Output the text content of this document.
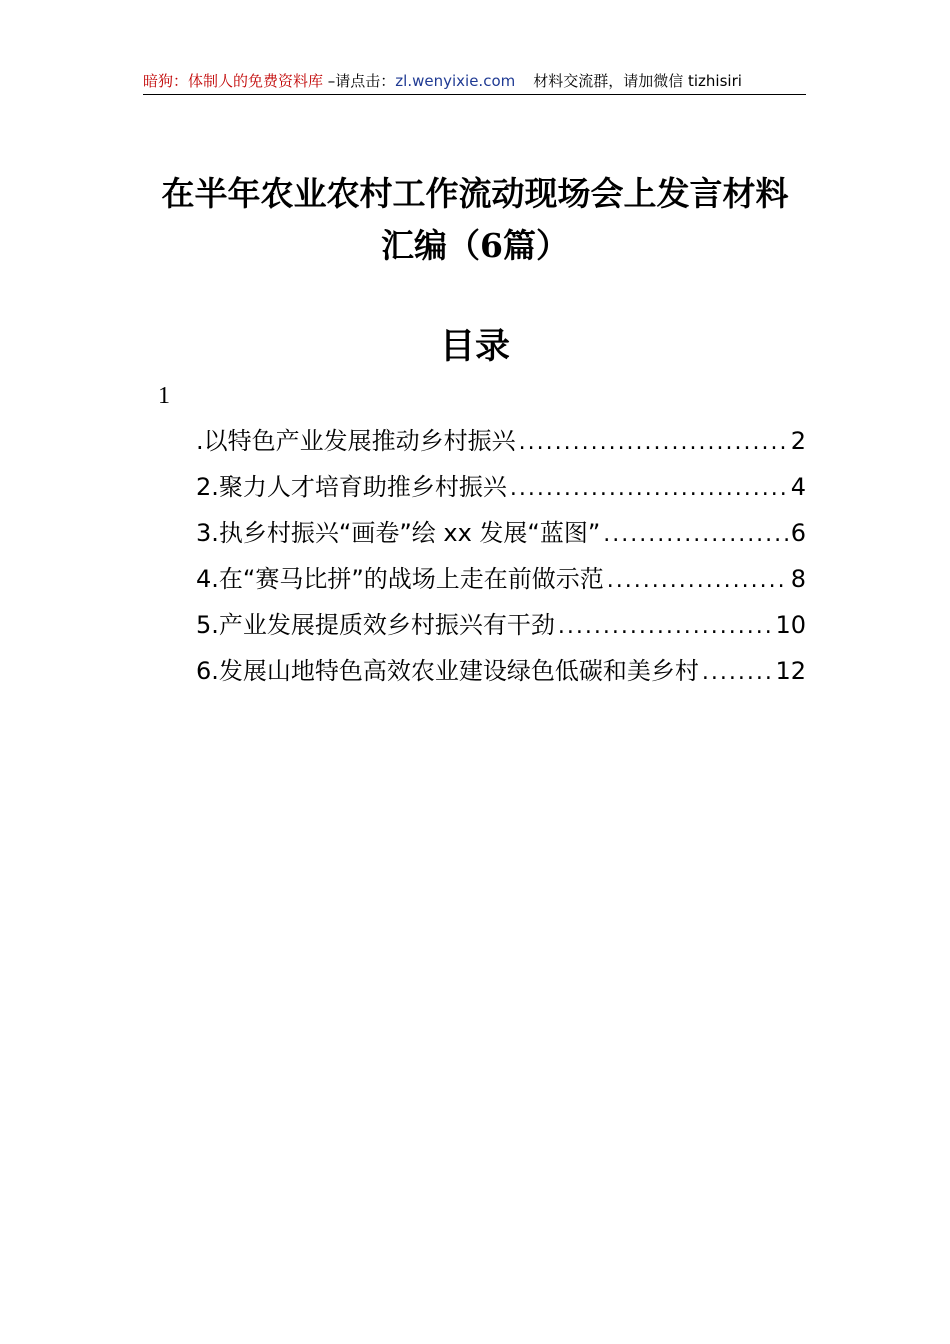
暗狗：体制人的免费资料库 –请点击：zl.wenyixie.com 材料交流群，请加微信 tizhisiri
在半年农业农村工作流动现场会上发言材料汇编（6篇）
目录
1
.以特色产业发展推动乡村振兴 .....	2
2.聚力人才培育助推乡村振兴 .....	4
3.执乡村振兴“画卷”绘 xx 发展“蓝图” .....	6
4.在“赛马比拼”的战场上走在前做示范 .....	8
5.产业发展提质效乡村振兴有干劲 .....	10
6.发展山地特色高效农业建设绿色低碳和美乡村 .....	12
